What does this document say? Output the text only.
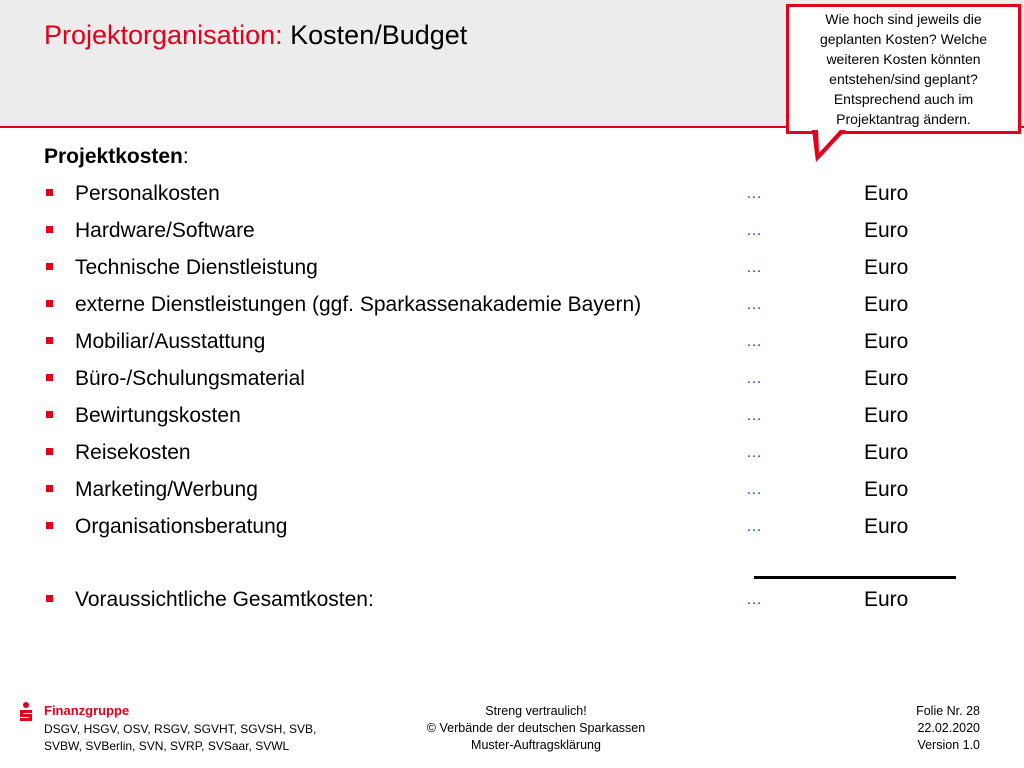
Projektorganisation: Kosten/Budget
Wie hoch sind jeweils die geplanten Kosten? Welche weiteren Kosten könnten entstehen/sind geplant? Entsprechend auch im Projektantrag ändern.
Projektkosten:
Personalkosten	…	Euro
Hardware/Software	…	Euro
Technische Dienstleistung	…	Euro
externe Dienstleistungen (ggf. Sparkassenakademie Bayern)	…	Euro
Mobiliar/Ausstattung	…	Euro
Büro-/Schulungsmaterial	…	Euro
Bewirtungskosten	…	Euro
Reisekosten	…	Euro
Marketing/Werbung	…	Euro
Organisationsberatung	…	Euro
Voraussichtliche Gesamtkosten:	…	Euro
Finanzgruppe
DSGV, HSGV, OSV, RSGV, SGVHT, SGVSH, SVB,
SVBW, SVBerlin, SVN, SVRP, SVSaar, SVWL
Streng vertraulich!
© Verbände der deutschen Sparkassen
Muster-Auftragsklärung
Folie Nr. 28
22.02.2020
Version 1.0
